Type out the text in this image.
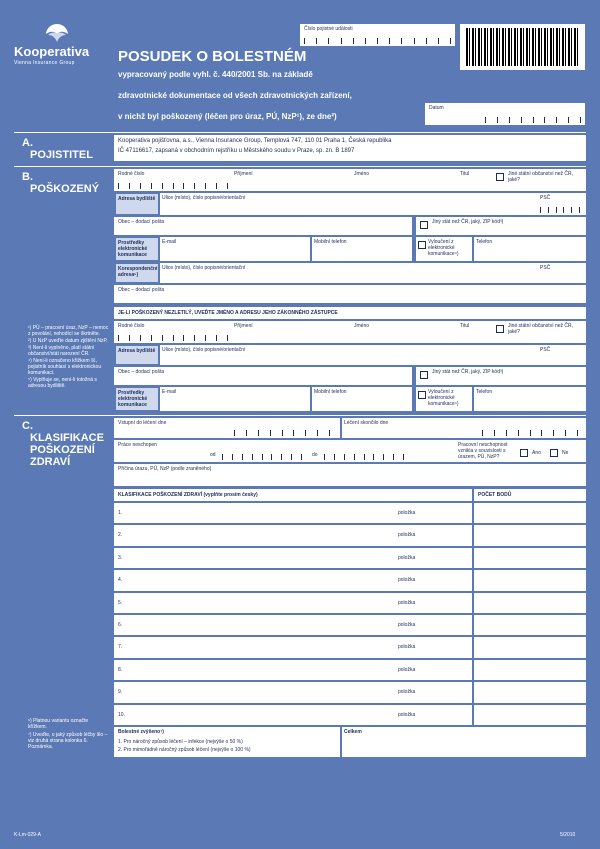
Kooperativa
Vienna Insurance Group
Číslo pojistné události
POSUDEK O BOLESTNÉM
vypracovaný podle vyhl. č. 440/2001 Sb. na základě
zdravotnické dokumentace od všech zdravotnických zařízení,
v nichž byl poškozený (léčen pro úraz, PÚ, NzP¹), ze dne²)
Datum
A.
POJISTITEL
Kooperativa pojišťovna, a.s., Vienna Insurance Group, Templová 747, 110 01 Praha 1, Česká republika
IČ 47116617, zapsaná v obchodním rejstříku u Městského soudu v Praze, sp. zn. B 1897
B.
POŠKOZENÝ
Rodné číslo	Příjmení	Jméno	Titul	Jiné státní občanství než ČR, jaké?
Adresa bydliště	Ulice (místo), číslo popisné/orientační	PSČ
Obec – dodací pošta	Jiný stát než ČR, jaký, ZIP kód³)
Prostředky elektronické komunikace
E-mail	Mobilní telefon	Vyloučení z elektronické komunikace⁴)
Telefon
Korespondenční adresa⁵)
Ulice (místo), číslo popisné/orientační	PSČ
Obec – dodací pošta
JE-LI POŠKOZENÝ NEZLETILÝ, UVEĎTE JMÉNO A ADRESU JEHO ZÁKONNÉHO ZÁSTUPCE
Rodné číslo	Příjmení	Jméno	Titul	Jiné státní občanství než ČR, jaké?
Adresa bydliště	Ulice (místo), číslo popisné/orientační	PSČ
Obec – dodací pošta	Jiný stát než ČR, jaký, ZIP kód³)
Prostředky elektronické komunikace
E-mail	Mobilní telefon	Vyloučení z elektronické komunikace⁴)
Telefon
¹) PÚ – pracovní úraz, NzP – nemoc z povolání, nehodící se škrtněte.
²) U NzP uveďte datum zjištění NzP.
³) Není-li vyplněno, platí státní občanství/stát narození ČR.
⁴) Není-li označeno křížkem ☒, pojistník souhlasí s elektronickou komunikací.
⁵) Vyplňuje se, není-li totožná s adresou bydliště.
C.
KLASIFIKACE
POŠKOZENÍ
ZDRAVÍ
Vstupní do léčení dne	Léčení skončilo dne
Práce neschopen
od	do
Pracovní neschopnost vznikla v souvislosti s úrazem, PÚ, NzP?
Ano	Ne
Příčina úrazu, PÚ, NzP (podle zraněného)
KLASIFIKACE POŠKOZENÍ ZDRAVÍ (vyplňte prosím česky)	POČET BODŮ
1.	položka
2.	položka
3.	položka
4.	položka
5.	položka
6.	položka
7.	položka
8.	položka
9.	položka
10.	položka
Bolestné zvýšeno⁷)
1. Pro náročný způsob léčení – infekce (nejvýše o 50 %)
2. Pro mimořádně náročný způsob léčení (nejvýše o 100 %)
Celkem
⁶) Platnou variantu označte křížkem.
⁷) Uveďte, o jaký způsob léčby šlo – viz druhá strana kolonka 6. Poznámka.
K-Lm-029-A	5/2010
